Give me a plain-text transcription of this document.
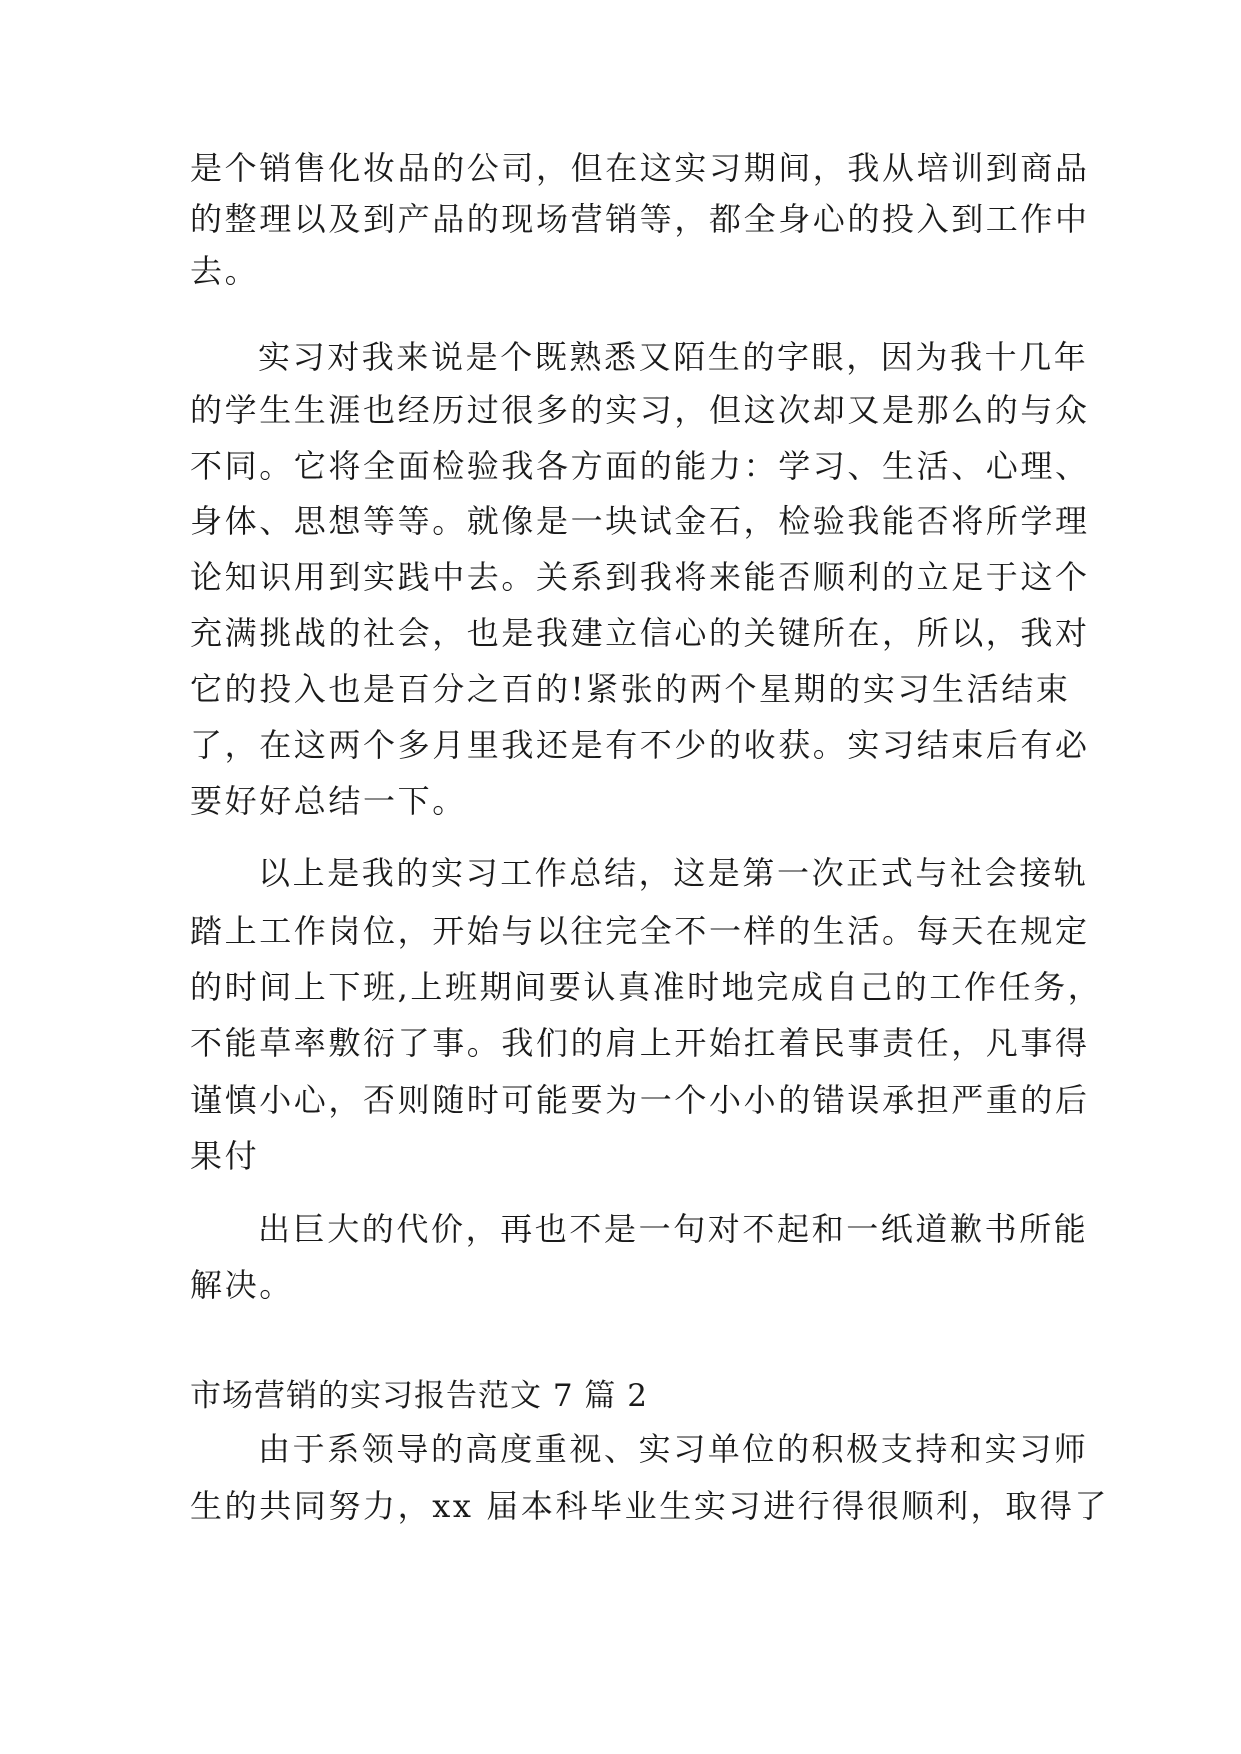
是个销售化妆品的公司，但在这实习期间，我从培训到商品
的整理以及到产品的现场营销等，都全身心的投入到工作中
去。
实习对我来说是个既熟悉又陌生的字眼，因为我十几年
的学生生涯也经历过很多的实习，但这次却又是那么的与众
不同。它将全面检验我各方面的能力：学习、生活、心理、
身体、思想等等。就像是一块试金石，检验我能否将所学理
论知识用到实践中去。关系到我将来能否顺利的立足于这个
充满挑战的社会，也是我建立信心的关键所在，所以，我对
它的投入也是百分之百的!紧张的两个星期的实习生活结束
了，在这两个多月里我还是有不少的收获。实习结束后有必
要好好总结一下。
以上是我的实习工作总结，这是第一次正式与社会接轨
踏上工作岗位，开始与以往完全不一样的生活。每天在规定
的时间上下班,上班期间要认真准时地完成自己的工作任务，
不能草率敷衍了事。我们的肩上开始扛着民事责任，凡事得
谨慎小心，否则随时可能要为一个小小的错误承担严重的后
果付
出巨大的代价，再也不是一句对不起和一纸道歉书所能
解决。
市场营销的实习报告范文 7 篇 2
由于系领导的高度重视、实习单位的积极支持和实习师
生的共同努力，xx 届本科毕业生实习进行得很顺利，取得了
